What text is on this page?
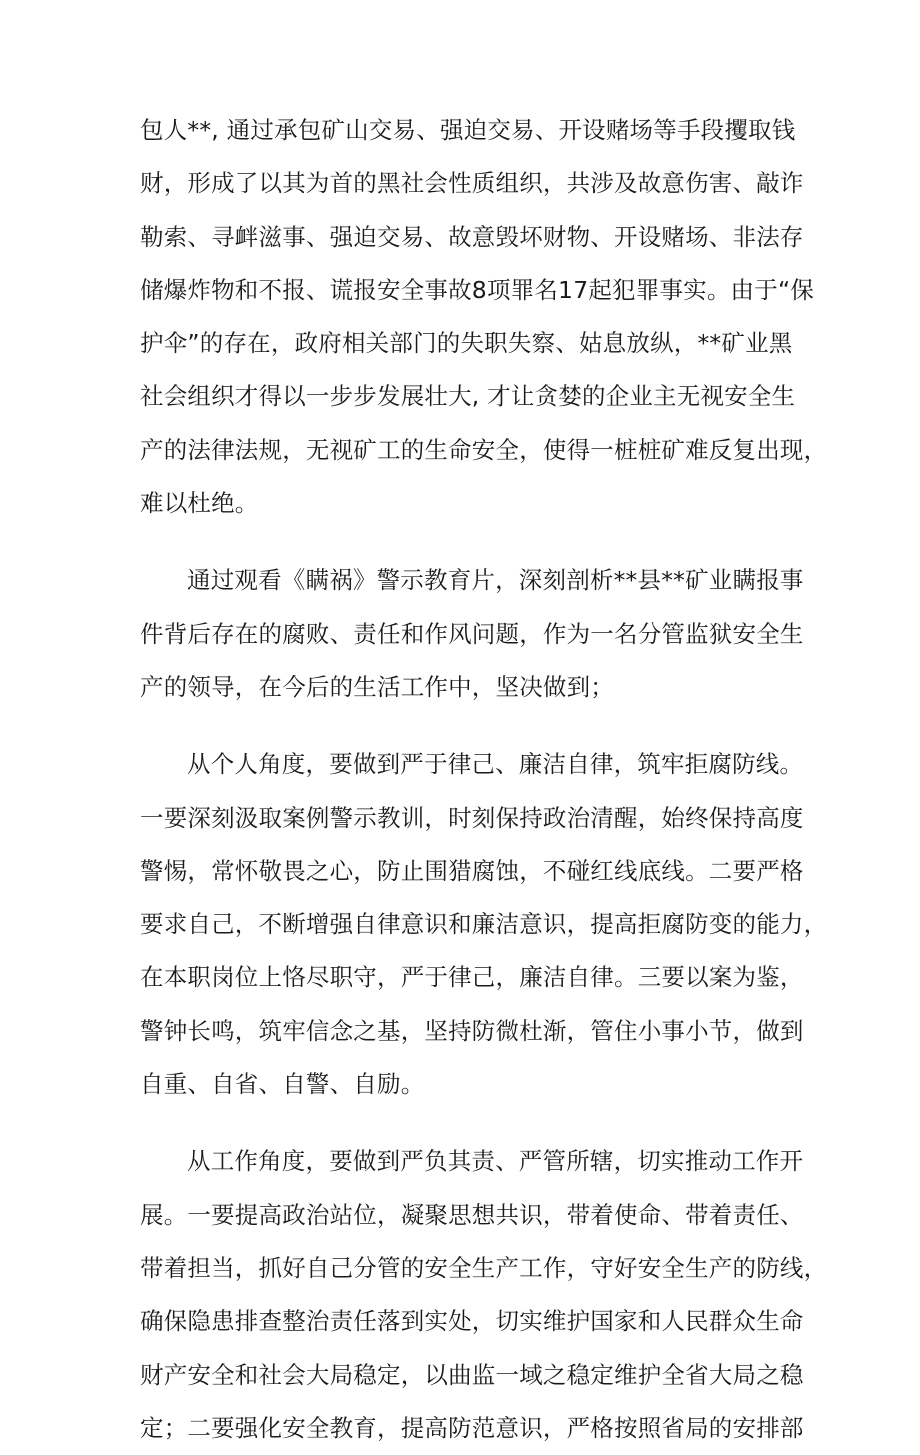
包人**, 通过承包矿山交易、强迫交易、开设赌场等手段攫取钱
财，形成了以其为首的黑社会性质组织，共涉及故意伤害、敲诈
勒索、寻衅滋事、强迫交易、故意毁坏财物、开设赌场、非法存
储爆炸物和不报、谎报安全事故8项罪名17起犯罪事实。由于“保
护伞”的存在，政府相关部门的失职失察、姑息放纵，**矿业黑
社会组织才得以一步步发展壮大, 才让贪婪的企业主无视安全生
产的法律法规，无视矿工的生命安全，使得一桩桩矿难反复出现，
难以杜绝。
通过观看《瞒祸》警示教育片，深刻剖析**县**矿业瞒报事
件背后存在的腐败、责任和作风问题，作为一名分管监狱安全生
产的领导，在今后的生活工作中，坚决做到；
从个人角度，要做到严于律己、廉洁自律，筑牢拒腐防线。
一要深刻汲取案例警示教训，时刻保持政治清醒，始终保持高度
警惕，常怀敬畏之心，防止围猎腐蚀，不碰红线底线。二要严格
要求自己，不断增强自律意识和廉洁意识，提高拒腐防变的能力，
在本职岗位上恪尽职守，严于律己，廉洁自律。三要以案为鉴，
警钟长鸣，筑牢信念之基，坚持防微杜渐，管住小事小节，做到
自重、自省、自警、自励。
从工作角度，要做到严负其责、严管所辖，切实推动工作开
展。一要提高政治站位，凝聚思想共识，带着使命、带着责任、
带着担当，抓好自己分管的安全生产工作，守好安全生产的防线，
确保隐患排查整治责任落到实处，切实维护国家和人民群众生命
财产安全和社会大局稳定，以曲监一域之稳定维护全省大局之稳
定；二要强化安全教育，提高防范意识，严格按照省局的安排部
